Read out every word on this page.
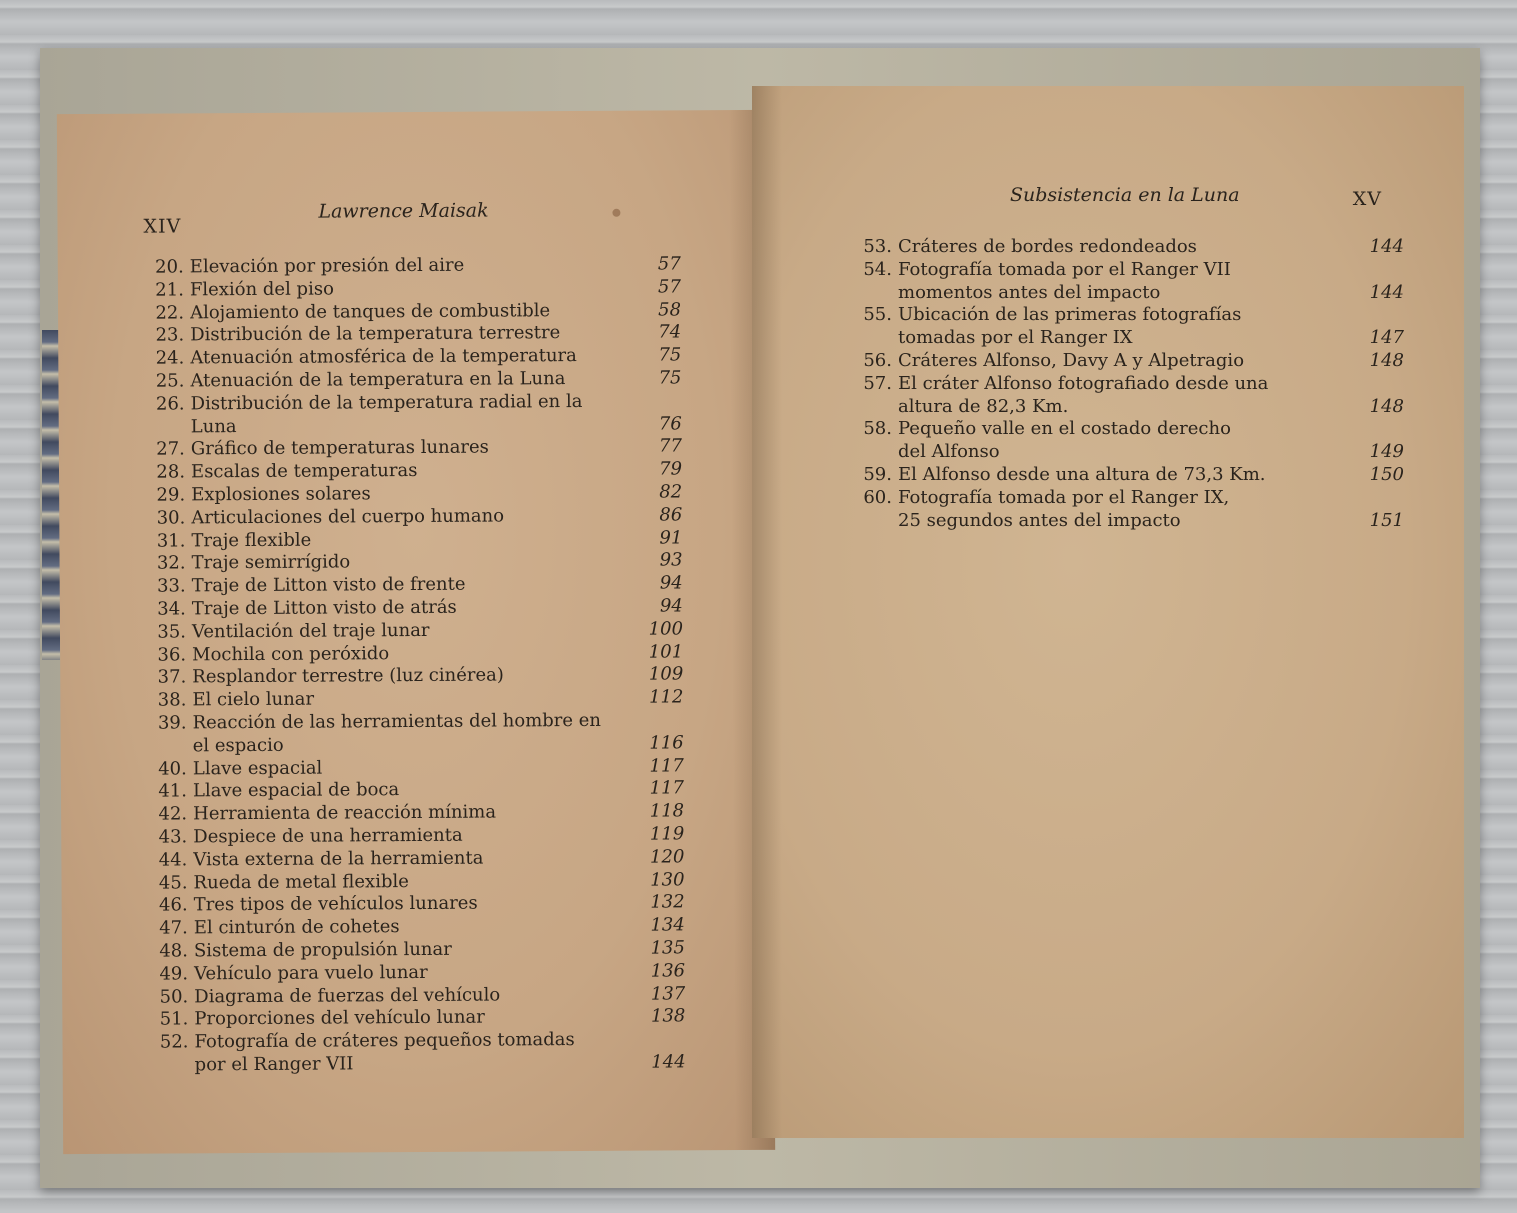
XIV
Lawrence Maisak
20. Elevación por presión del aire	57
21. Flexión del piso	57
22. Alojamiento de tanques de combustible	58
23. Distribución de la temperatura terrestre	74
24. Atenuación atmosférica de la temperatura	75
25. Atenuación de la temperatura en la Luna	75
26. Distribución de la temperatura radial en la Luna	76
27. Gráfico de temperaturas lunares	77
28. Escalas de temperaturas	79
29. Explosiones solares	82
30. Articulaciones del cuerpo humano	86
31. Traje flexible	91
32. Traje semirrígido	93
33. Traje de Litton visto de frente	94
34. Traje de Litton visto de atrás	94
35. Ventilación del traje lunar	100
36. Mochila con peróxido	101
37. Resplandor terrestre (luz cinérea)	109
38. El cielo lunar	112
39. Reacción de las herramientas del hombre en
el espacio	116
40. Llave espacial	117
41. Llave espacial de boca	117
42. Herramienta de reacción mínima	118
43. Despiece de una herramienta	119
44. Vista externa de la herramienta	120
45. Rueda de metal flexible	130
46. Tres tipos de vehículos lunares	132
47. El cinturón de cohetes	134
48. Sistema de propulsión lunar	135
49. Vehículo para vuelo lunar	136
50. Diagrama de fuerzas del vehículo	137
51. Proporciones del vehículo lunar	138
52. Fotografía de cráteres pequeños tomadas
por el Ranger VII	144
Subsistencia en la Luna	XV
53. Cráteres de bordes redondeados	144
54. Fotografía tomada por el Ranger VII
momentos antes del impacto	144
55. Ubicación de las primeras fotografías
tomadas por el Ranger IX	147
56. Cráteres Alfonso, Davy A y Alpetragio	148
57. El cráter Alfonso fotografiado desde una
altura de 82,3 Km.	148
58. Pequeño valle en el costado derecho
del Alfonso	149
59. El Alfonso desde una altura de 73,3 Km.	150
60. Fotografía tomada por el Ranger IX,
25 segundos antes del impacto	151
